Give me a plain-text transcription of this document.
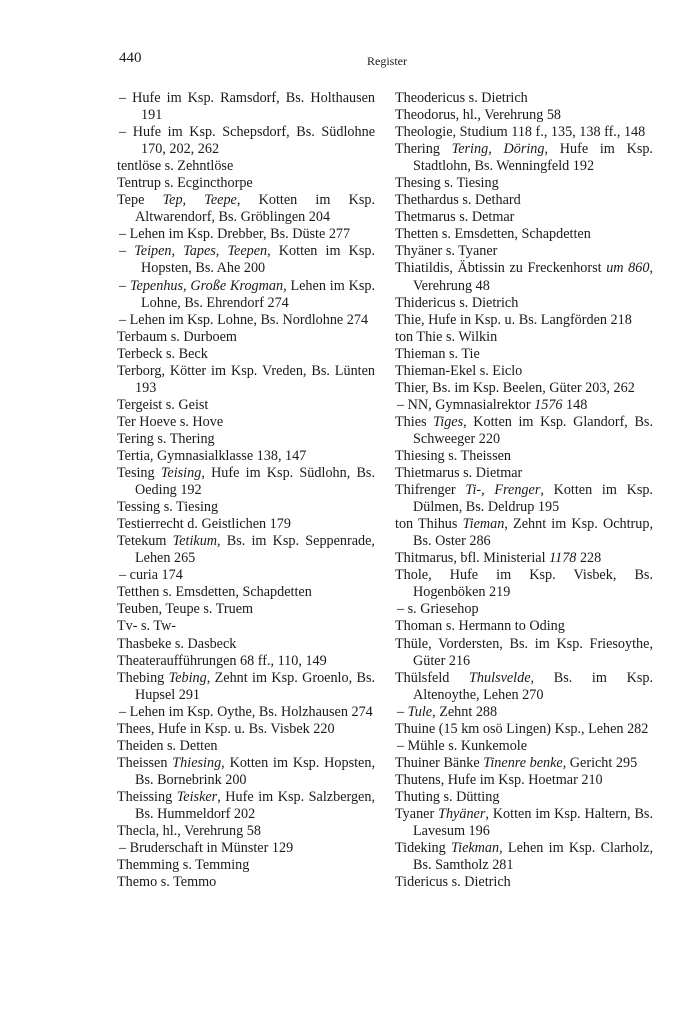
440	Register
– Hufe im Ksp. Ramsdorf, Bs. Holthausen 191
– Hufe im Ksp. Schepsdorf, Bs. Südlohne 170, 202, 262
tentlöse s. Zehntlöse
Tentrup s. Ecgincthorpe
Tepe Tep, Teepe, Kotten im Ksp. Altwarendorf, Bs. Gröblingen 204
– Lehen im Ksp. Drebber, Bs. Düste 277
– Teipen, Tapes, Teepen, Kotten im Ksp. Hopsten, Bs. Ahe 200
– Tepenhus, Große Krogman, Lehen im Ksp. Lohne, Bs. Ehrendorf 274
– Lehen im Ksp. Lohne, Bs. Nordlohne 274
Terbaum s. Durboem
Terbeck s. Beck
Terborg, Kötter im Ksp. Vreden, Bs. Lünten 193
Tergeist s. Geist
Ter Hoeve s. Hove
Tering s. Thering
Tertia, Gymnasialklasse 138, 147
Tesing Teising, Hufe im Ksp. Südlohn, Bs. Oeding 192
Tessing s. Tiesing
Testierrecht d. Geistlichen 179
Tetekum Tetikum, Bs. im Ksp. Seppenrade, Lehen 265
– curia 174
Tetthen s. Emsdetten, Schapdetten
Teuben, Teupe s. Truem
Tv- s. Tw-
Thasbeke s. Dasbeck
Theateraufführungen 68 ff., 110, 149
Thebing Tebing, Zehnt im Ksp. Groenlo, Bs. Hupsel 291
– Lehen im Ksp. Oythe, Bs. Holzhausen 274
Thees, Hufe in Ksp. u. Bs. Visbek 220
Theiden s. Detten
Theissen Thiesing, Kotten im Ksp. Hopsten, Bs. Bornebrink 200
Theissing Teisker, Hufe im Ksp. Salzbergen, Bs. Hummeldorf 202
Thecla, hl., Verehrung 58
– Bruderschaft in Münster 129
Themming s. Temming
Themo s. Temmo
Theodericus s. Dietrich
Theodorus, hl., Verehrung 58
Theologie, Studium 118 f., 135, 138 ff., 148
Thering Tering, Döring, Hufe im Ksp. Stadtlohn, Bs. Wenningfeld 192
Thesing s. Tiesing
Thethardus s. Dethard
Thetmarus s. Detmar
Thetten s. Emsdetten, Schapdetten
Thyäner s. Tyaner
Thiatildis, Äbtissin zu Freckenhorst um 860, Verehrung 48
Thidericus s. Dietrich
Thie, Hufe in Ksp. u. Bs. Langförden 218
ton Thie s. Wilkin
Thieman s. Tie
Thieman-Ekel s. Eiclo
Thier, Bs. im Ksp. Beelen, Güter 203, 262
– NN, Gymnasialrektor 1576 148
Thies Tiges, Kotten im Ksp. Glandorf, Bs. Schweeger 220
Thiesing s. Theissen
Thietmarus s. Dietmar
Thifrenger Ti-, Frenger, Kotten im Ksp. Dülmen, Bs. Deldrup 195
ton Thihus Tieman, Zehnt im Ksp. Ochtrup, Bs. Oster 286
Thitmarus, bfl. Ministerial 1178 228
Thole, Hufe im Ksp. Visbek, Bs. Hogenböken 219
– s. Griesehop
Thoman s. Hermann to Oding
Thüle, Vordersten, Bs. im Ksp. Friesoythe, Güter 216
Thülsfeld Thulsvelde, Bs. im Ksp. Altenoythe, Lehen 270
– Tule, Zehnt 288
Thuine (15 km osö Lingen) Ksp., Lehen 282
– Mühle s. Kunkemole
Thuiner Bänke Tinenre benke, Gericht 295
Thutens, Hufe im Ksp. Hoetmar 210
Thuting s. Dütting
Tyaner Thyäner, Kotten im Ksp. Haltern, Bs. Lavesum 196
Tideking Tiekman, Lehen im Ksp. Clarholz, Bs. Samtholz 281
Tidericus s. Dietrich
